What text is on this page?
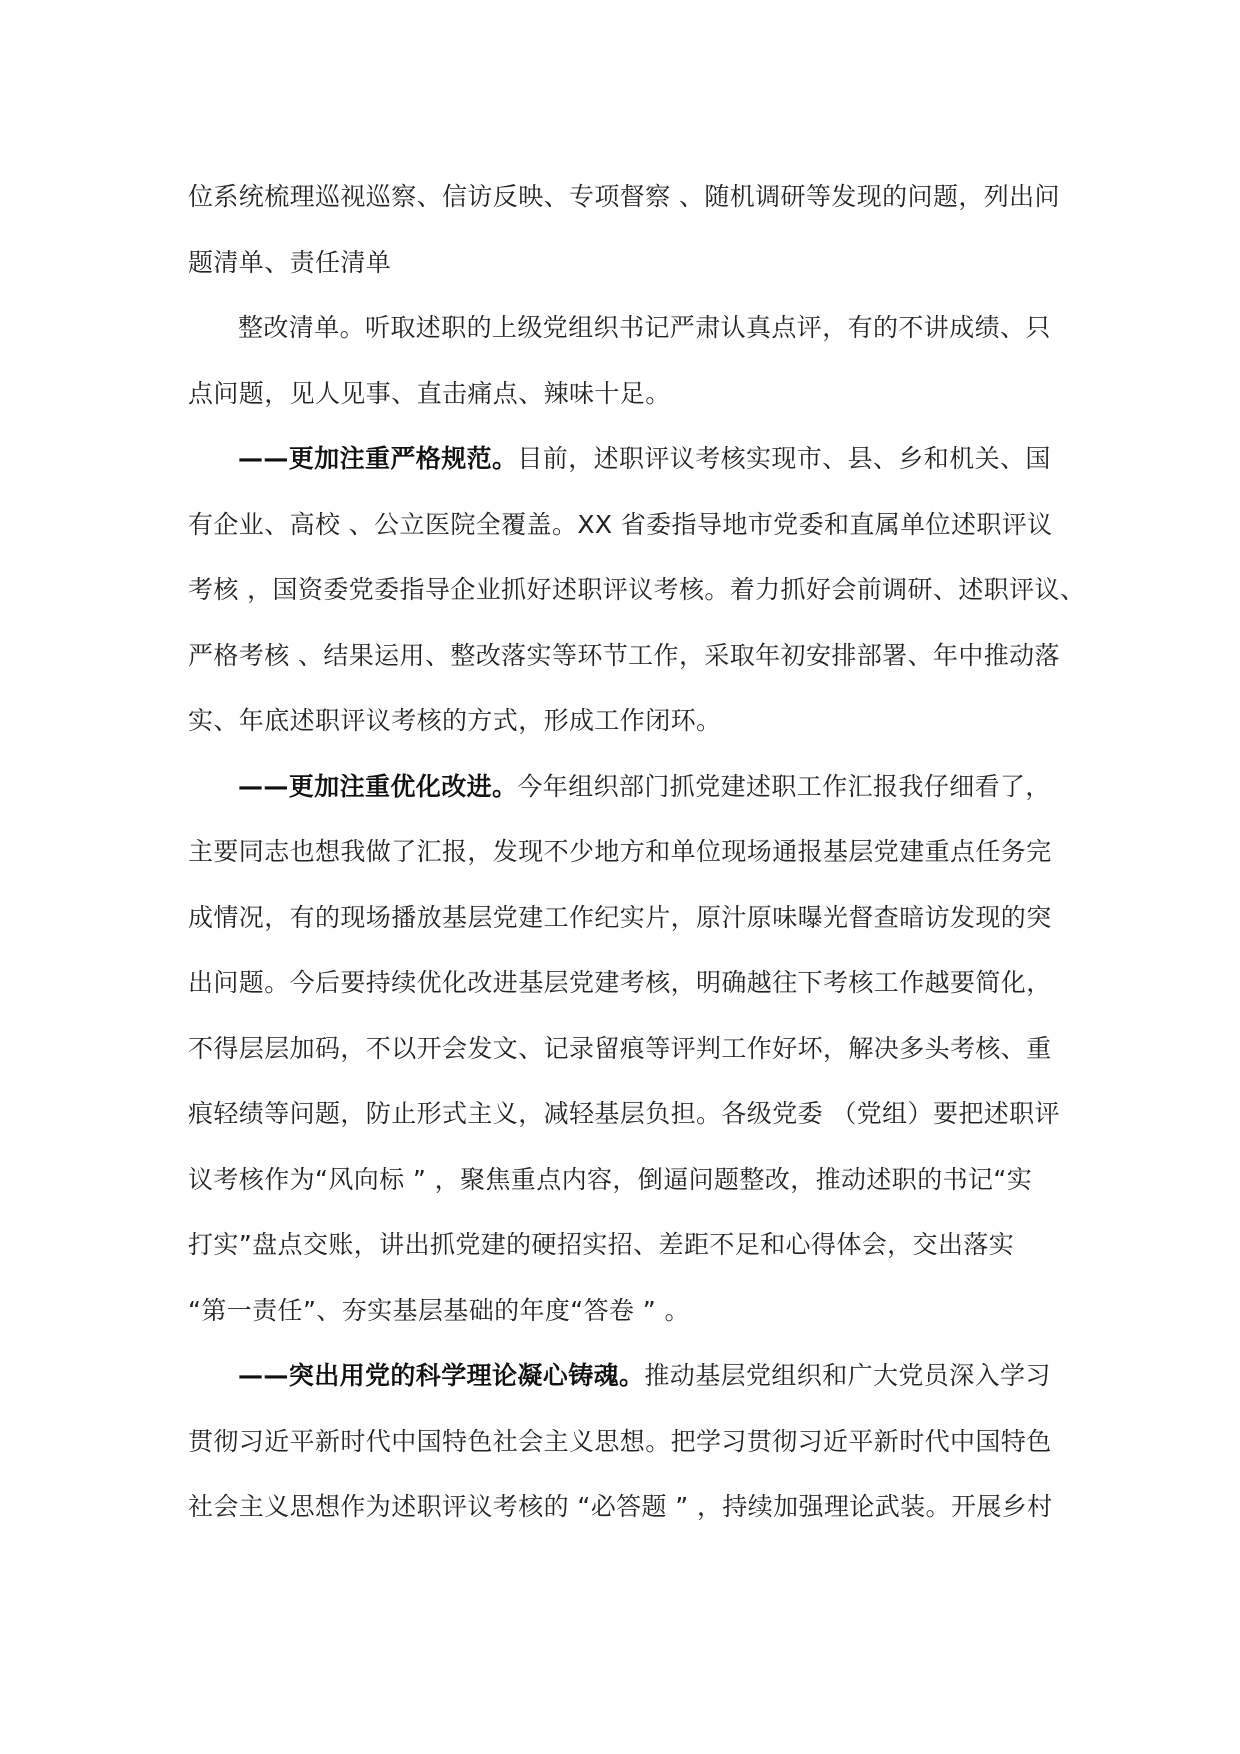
位系统梳理巡视巡察、信访反映、专项督察 、随机调研等发现的问题，列出问
题清单、责任清单
整改清单。听取述职的上级党组织书记严肃认真点评，有的不讲成绩、只
点问题，见人见事、直击痛点、辣味十足。
——更加注重严格规范。目前，述职评议考核实现市、县、乡和机关、国
有企业、高校 、公立医院全覆盖。XX 省委指导地市党委和直属单位述职评议
考核 ，国资委党委指导企业抓好述职评议考核。着力抓好会前调研、述职评议、
严格考核 、结果运用、整改落实等环节工作，采取年初安排部署、年中推动落
实、年底述职评议考核的方式，形成工作闭环。
——更加注重优化改进。今年组织部门抓党建述职工作汇报我仔细看了，
主要同志也想我做了汇报，发现不少地方和单位现场通报基层党建重点任务完
成情况，有的现场播放基层党建工作纪实片，原汁原味曝光督查暗访发现的突
出问题。今后要持续优化改进基层党建考核，明确越往下考核工作越要简化，
不得层层加码，不以开会发文、记录留痕等评判工作好坏，解决多头考核、重
痕轻绩等问题，防止形式主义，减轻基层负担。各级党委 （党组）要把述职评
议考核作为“风向标 ” ，聚焦重点内容，倒逼问题整改，推动述职的书记“实
打实”盘点交账，讲出抓党建的硬招实招、差距不足和心得体会，交出落实
“第一责任”、夯实基层基础的年度“答卷 ” 。
——突出用党的科学理论凝心铸魂。推动基层党组织和广大党员深入学习
贯彻习近平新时代中国特色社会主义思想。把学习贯彻习近平新时代中国特色
社会主义思想作为述职评议考核的 “必答题 ” ，持续加强理论武装。开展乡村
